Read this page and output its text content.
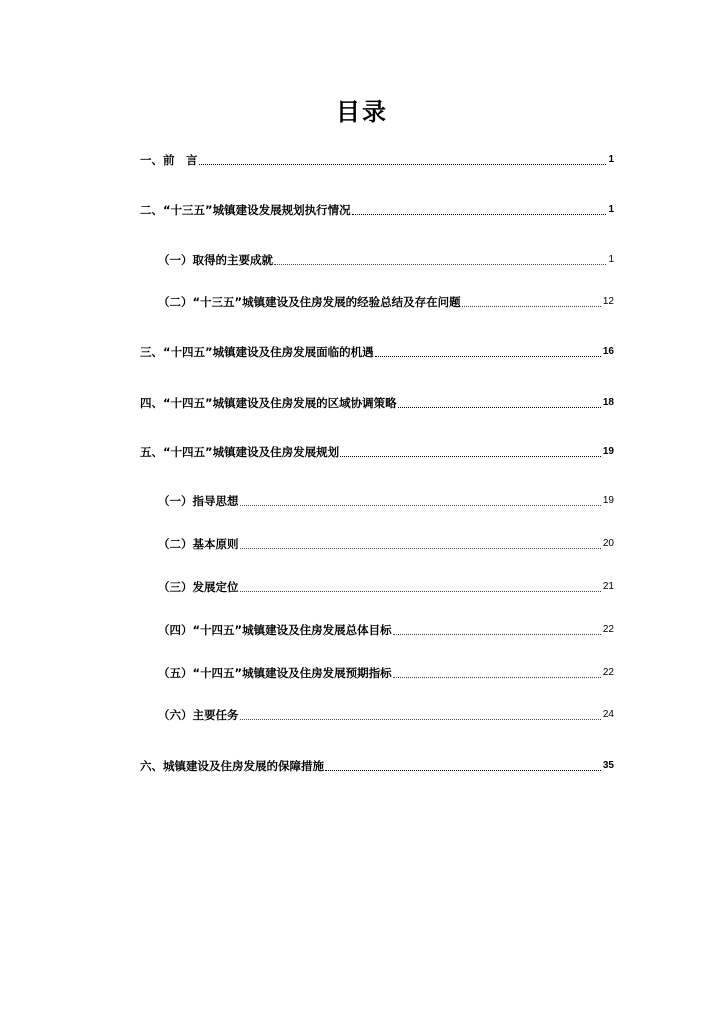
目录
一、前　言	1
二、“十三五”城镇建设发展规划执行情况	1
（一）取得的主要成就	1
（二）“十三五”城镇建设及住房发展的经验总结及存在问题	12
三、“十四五”城镇建设及住房发展面临的机遇	16
四、“十四五”城镇建设及住房发展的区域协调策略	18
五、“十四五”城镇建设及住房发展规划	19
（一）指导思想	19
（二）基本原则	20
（三）发展定位	21
（四）“十四五”城镇建设及住房发展总体目标	22
（五）“十四五”城镇建设及住房发展预期指标	22
（六）主要任务	24
六、城镇建设及住房发展的保障措施	35
